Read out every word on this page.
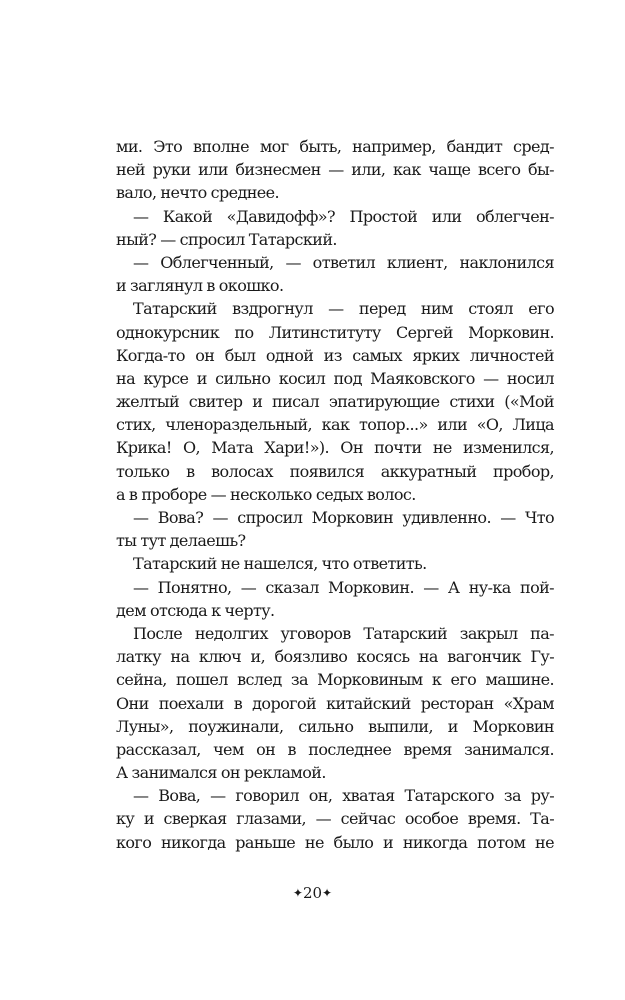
ми. Это вполне мог быть, например, бандит сред-
ней руки или бизнесмен — или, как чаще всего бы-
вало, нечто среднее.
— Какой «Давидофф»? Простой или облегчен-
ный? — спросил Татарский.
— Облегченный, — ответил клиент, наклонился
и заглянул в окошко.
Татарский вздрогнул — перед ним стоял его
однокурсник по Литинституту Сергей Морковин.
Когда-то он был одной из самых ярких личностей
на курсе и сильно косил под Маяковского — носил
желтый свитер и писал эпатирующие стихи («Мой
стих, членораздельный, как топор...» или «О, Лица
Крика! О, Мата Хари!»). Он почти не изменился,
только в волосах появился аккуратный пробор,
а в проборе — несколько седых волос.
— Вова? — спросил Морковин удивленно. — Что
ты тут делаешь?
Татарский не нашелся, что ответить.
— Понятно, — сказал Морковин. — А ну-ка пой-
дем отсюда к черту.
После недолгих уговоров Татарский закрыл па-
латку на ключ и, боязливо косясь на вагончик Гу-
сейна, пошел вслед за Морковиным к его машине.
Они поехали в дорогой китайский ресторан «Храм
Луны», поужинали, сильно выпили, и Морковин
рассказал, чем он в последнее время занимался.
А занимался он рекламой.
— Вова, — говорил он, хватая Татарского за ру-
ку и сверкая глазами, — сейчас особое время. Та-
кого никогда раньше не было и никогда потом не
✦20✦
